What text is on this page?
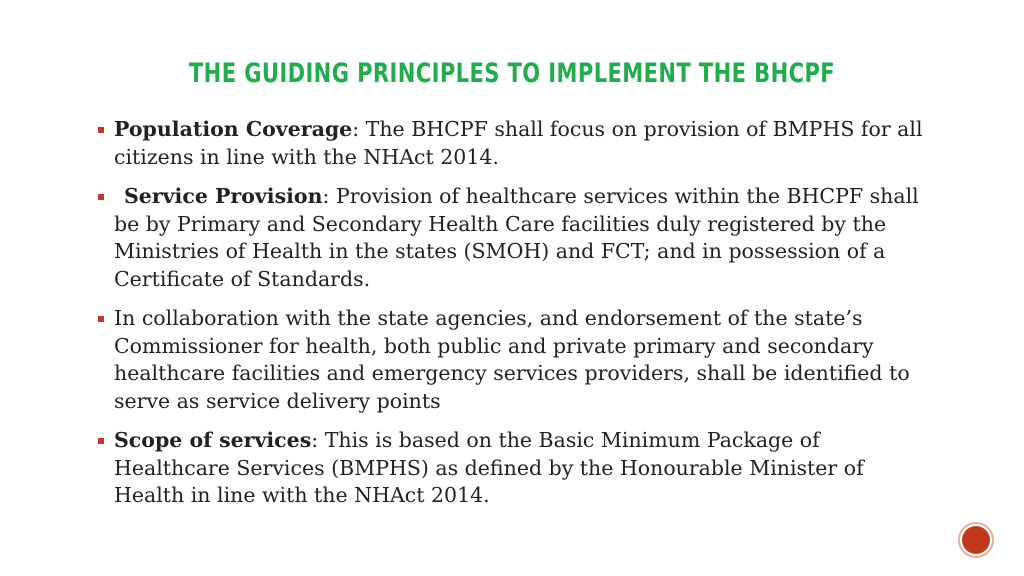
THE GUIDING PRINCIPLES TO IMPLEMENT THE BHCPF
Population Coverage: The BHCPF shall focus on provision of BMPHS for all citizens in line with the NHAct 2014.
Service Provision: Provision of healthcare services within the BHCPF shall be by Primary and Secondary Health Care facilities duly registered by the Ministries of Health in the states (SMOH) and FCT; and in possession of a Certificate of Standards.
In collaboration with the state agencies, and endorsement of the state’s Commissioner for health, both public and private primary and secondary healthcare facilities and emergency services providers, shall be identified to serve as service delivery points
Scope of services: This is based on the Basic Minimum Package of Healthcare Services (BMPHS) as defined by the Honourable Minister of Health in line with the NHAct 2014.
